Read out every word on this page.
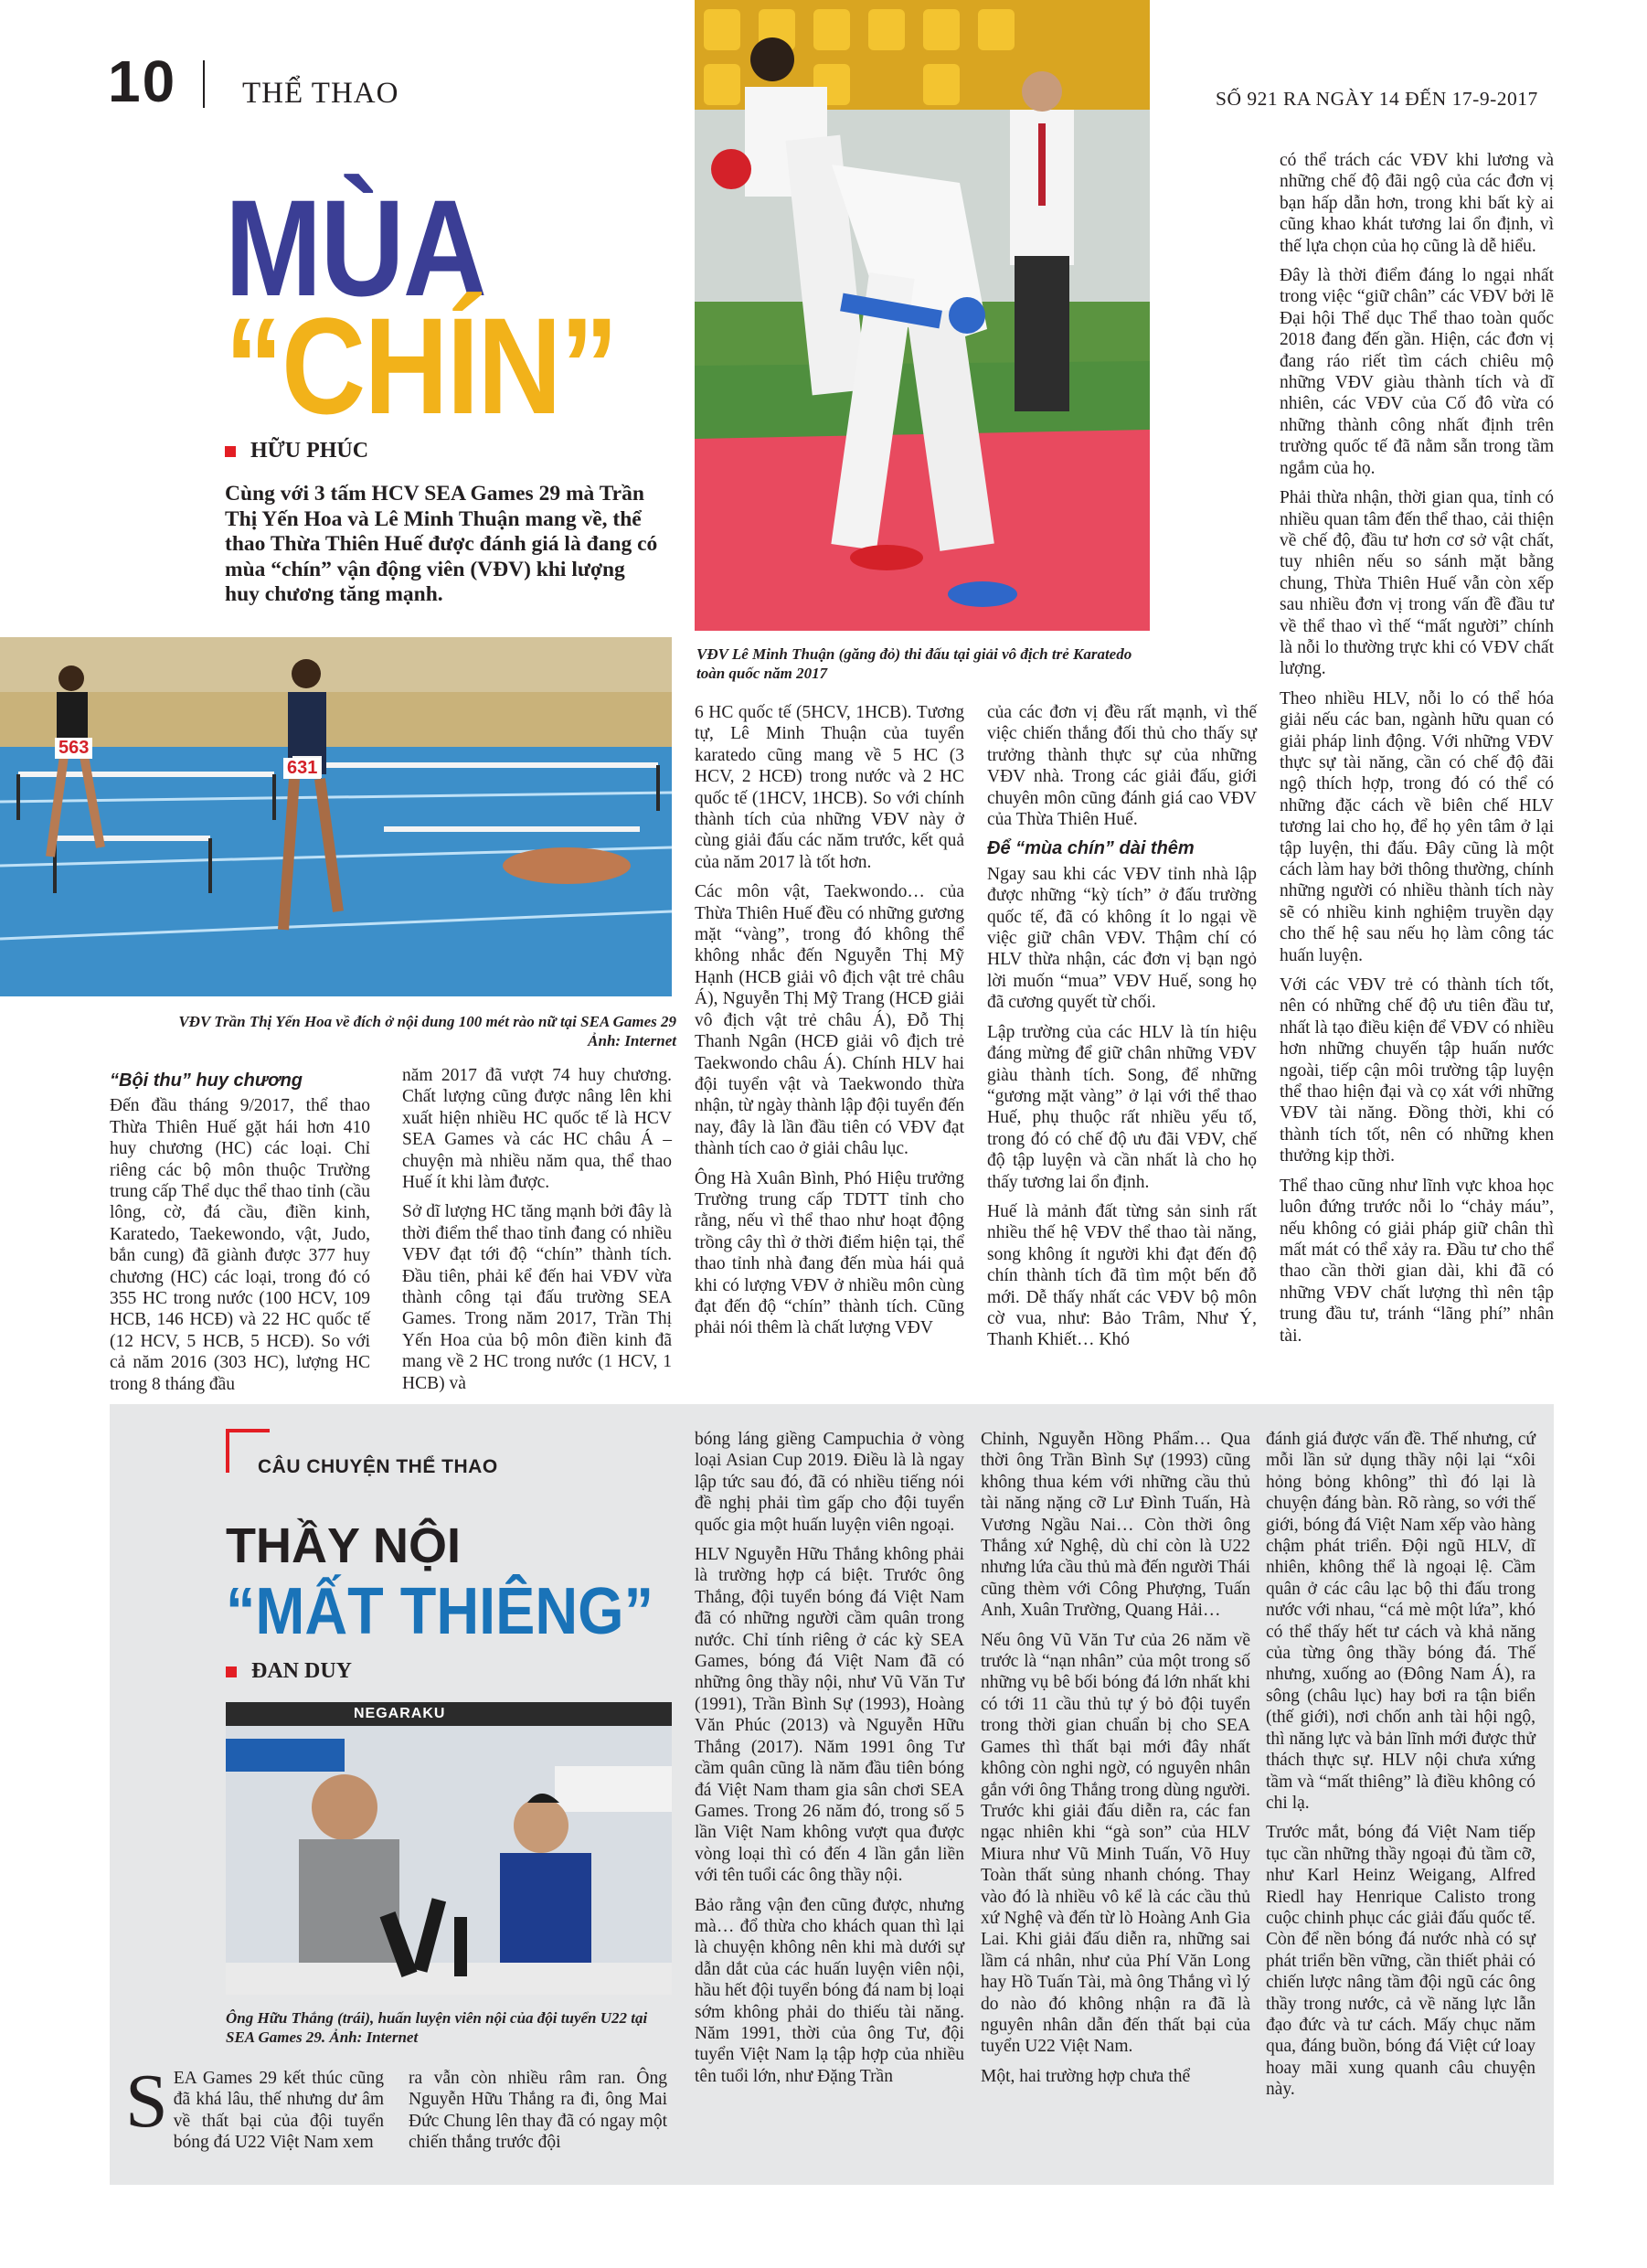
10 THỂ THAO	SỐ 921 RA NGÀY 14 ĐẾN 17-9-2017
MÙA
“CHÍN”
HỮU PHÚC
Cùng với 3 tấm HCV SEA Games 29 mà Trần Thị Yến Hoa và Lê Minh Thuận mang về, thể thao Thừa Thiên Huế được đánh giá là đang có mùa “chín” vận động viên (VĐV) khi lượng huy chương tăng mạnh.
VĐV Lê Minh Thuận (găng đỏ) thi đấu tại giải vô địch trẻ Karatedo toàn quốc năm 2017
563
631
VĐV Trần Thị Yến Hoa về đích ở nội dung 100 mét rào nữ tại SEA Games 29
Ảnh: Internet
“Bội thu” huy chương

Đến đầu tháng 9/2017, thể thao Thừa Thiên Huế gặt hái hơn 410 huy chương (HC) các loại. Chỉ riêng các bộ môn thuộc Trường trung cấp Thể dục thể thao tỉnh (cầu lông, cờ, đá cầu, điền kinh, Karatedo, Taekewondo, vật, Judo, bắn cung) đã giành được 377 huy chương (HC) các loại, trong đó có 355 HC trong nước (100 HCV, 109 HCB, 146 HCĐ) và 22 HC quốc tế (12 HCV, 5 HCB, 5 HCĐ). So với cả năm 2016 (303 HC), lượng HC trong 8 tháng đầu

năm 2017 đã vượt 74 huy chương. Chất lượng cũng được nâng lên khi xuất hiện nhiều HC quốc tế là HCV SEA Games và các HC châu Á – chuyện mà nhiều năm qua, thể thao Huế ít khi làm được.

Sở dĩ lượng HC tăng mạnh bởi đây là thời điểm thể thao tỉnh đang có nhiều VĐV đạt tới độ “chín” thành tích. Đầu tiên, phải kể đến hai VĐV vừa thành công tại đấu trường SEA Games. Trong năm 2017, Trần Thị Yến Hoa của bộ môn điền kinh đã mang về 2 HC trong nước (1 HCV, 1 HCB) và

6 HC quốc tế (5HCV, 1HCB). Tương tự, Lê Minh Thuận của tuyển karatedo cũng mang về 5 HC (3 HCV, 2 HCĐ) trong nước và 2 HC quốc tế (1HCV, 1HCB). So với chính thành tích của những VĐV này ở cùng giải đấu các năm trước, kết quả của năm 2017 là tốt hơn.

Các môn vật, Taekwondo… của Thừa Thiên Huế đều có những gương mặt “vàng”, trong đó không thể không nhắc đến Nguyễn Thị Mỹ Hạnh (HCB giải vô địch vật trẻ châu Á), Nguyễn Thị Mỹ Trang (HCĐ giải vô địch vật trẻ châu Á), Đỗ Thị Thanh Ngân (HCĐ giải vô địch trẻ Taekwondo châu Á). Chính HLV hai đội tuyển vật và Taekwondo thừa nhận, từ ngày thành lập đội tuyển đến nay, đây là lần đầu tiên có VĐV đạt thành tích cao ở giải châu lục.

Ông Hà Xuân Bình, Phó Hiệu trưởng Trường trung cấp TDTT tỉnh cho rằng, nếu vì thể thao như hoạt động trồng cây thì ở thời điểm hiện tại, thể thao tỉnh nhà đang đến mùa hái quả khi có lượng VĐV ở nhiều môn cùng đạt đến độ “chín” thành tích. Cũng phải nói thêm là chất lượng VĐV

của các đơn vị đều rất mạnh, vì thế việc chiến thắng đối thủ cho thấy sự trưởng thành thực sự của những VĐV nhà. Trong các giải đấu, giới chuyên môn cũng đánh giá cao VĐV của Thừa Thiên Huế.

Để “mùa chín” dài thêm

Ngay sau khi các VĐV tỉnh nhà lập được những “kỳ tích” ở đấu trường quốc tế, đã có không ít lo ngại về việc giữ chân VĐV. Thậm chí có HLV thừa nhận, các đơn vị bạn ngỏ lời muốn “mua” VĐV Huế, song họ đã cương quyết từ chối.

Lập trường của các HLV là tín hiệu đáng mừng để giữ chân những VĐV giàu thành tích. Song, để những “gương mặt vàng” ở lại với thể thao Huế, phụ thuộc rất nhiều yếu tố, trong đó có chế độ ưu đãi VĐV, chế độ tập luyện và cần nhất là cho họ thấy tương lai ổn định.

Huế là mảnh đất từng sản sinh rất nhiều thế hệ VĐV thể thao tài năng, song không ít người khi đạt đến độ chín thành tích đã tìm một bến đỗ mới. Dễ thấy nhất các VĐV bộ môn cờ vua, như: Bảo Trâm, Như Ý, Thanh Khiết… Khó

có thể trách các VĐV khi lương và những chế độ đãi ngộ của các đơn vị bạn hấp dẫn hơn, trong khi bất kỳ ai cũng khao khát tương lai ổn định, vì thế lựa chọn của họ cũng là dễ hiểu.

Đây là thời điểm đáng lo ngại nhất trong việc “giữ chân” các VĐV bởi lẽ Đại hội Thể dục Thể thao toàn quốc 2018 đang đến gần. Hiện, các đơn vị đang ráo riết tìm cách chiêu mộ những VĐV giàu thành tích và dĩ nhiên, các VĐV của Cố đô vừa có những thành công nhất định trên trường quốc tế đã nằm sẵn trong tầm ngắm của họ.

Phải thừa nhận, thời gian qua, tỉnh có nhiều quan tâm đến thể thao, cải thiện về chế độ, đầu tư hơn cơ sở vật chất, tuy nhiên nếu so sánh mặt bằng chung, Thừa Thiên Huế vẫn còn xếp sau nhiều đơn vị trong vấn đề đầu tư về thể thao vì thế “mất người” chính là nỗi lo thường trực khi có VĐV chất lượng.

Theo nhiều HLV, nỗi lo có thể hóa giải nếu các ban, ngành hữu quan có giải pháp linh động. Với những VĐV thực sự tài năng, cần có chế độ đãi ngộ thích hợp, trong đó có thể có những đặc cách về biên chế HLV tương lai cho họ, để họ yên tâm ở lại tập luyện, thi đấu. Đây cũng là một cách làm hay bởi thông thường, chính những người có nhiều thành tích này sẽ có nhiều kinh nghiệm truyền dạy cho thế hệ sau nếu họ làm công tác huấn luyện.

Với các VĐV trẻ có thành tích tốt, nên có những chế độ ưu tiên đầu tư, nhất là tạo điều kiện để VĐV có nhiều hơn những chuyến tập huấn nước ngoài, tiếp cận môi trường tập luyện thể thao hiện đại và cọ xát với những VĐV tài năng. Đồng thời, khi có thành tích tốt, nên có những khen thưởng kịp thời.

Thể thao cũng như lĩnh vực khoa học luôn đứng trước nỗi lo “chảy máu”, nếu không có giải pháp giữ chân thì mất mát có thể xảy ra. Đầu tư cho thể thao cần thời gian dài, khi đã có những VĐV chất lượng thì nên tập trung đầu tư, tránh “lãng phí” nhân tài.

CÂU CHUYỆN THỂ THAO
THẦY NỘI
“MẤT THIÊNG”
ĐAN DUY
NEGARAKU
Ông Hữu Thắng (trái), huấn luyện viên nội của đội tuyển U22 tại SEA Games 29. Ảnh: Internet

SEA Games 29 kết thúc cũng đã khá lâu, thế nhưng dư âm về thất bại của đội tuyển bóng đá U22 Việt Nam xem

ra vẫn còn nhiều râm ran. Ông Nguyễn Hữu Thắng ra đi, ông Mai Đức Chung lên thay đã có ngay một chiến thắng trước đội

bóng láng giềng Campuchia ở vòng loại Asian Cup 2019. Điều là là ngay lập tức sau đó, đã có nhiều tiếng nói đề nghị phải tìm gấp cho đội tuyển quốc gia một huấn luyện viên ngoại.

HLV Nguyễn Hữu Thắng không phải là trường hợp cá biệt. Trước ông Thắng, đội tuyển bóng đá Việt Nam đã có những người cầm quân trong nước. Chỉ tính riêng ở các kỳ SEA Games, bóng đá Việt Nam đã có những ông thầy nội, như Vũ Văn Tư (1991), Trần Bình Sự (1993), Hoàng Văn Phúc (2013) và Nguyễn Hữu Thắng (2017). Năm 1991 ông Tư cầm quân cũng là năm đầu tiên bóng đá Việt Nam tham gia sân chơi SEA Games. Trong 26 năm đó, trong số 5 lần Việt Nam không vượt qua được vòng loại thì có đến 4 lần gắn liền với tên tuổi các ông thầy nội.

Bảo rằng vận đen cũng được, nhưng mà… đổ thừa cho khách quan thì lại là chuyện không nên khi mà dưới sự dẫn dắt của các huấn luyện viên nội, hầu hết đội tuyển bóng đá nam bị loại sớm không phải do thiếu tài năng. Năm 1991, thời của ông Tư, đội tuyển Việt Nam lạ tập hợp của nhiều tên tuổi lớn, như Đặng Trần

Chỉnh, Nguyễn Hồng Phẩm… Qua thời ông Trần Bình Sự (1993) cũng không thua kém với những cầu thủ tài năng nặng cỡ Lư Đình Tuấn, Hà Vương Ngầu Nai… Còn thời ông Thắng xứ Nghệ, dù chỉ còn là U22 nhưng lứa cầu thủ mà đến người Thái cũng thèm với Công Phượng, Tuấn Anh, Xuân Trường, Quang Hải…

Nếu ông Vũ Văn Tư của 26 năm về trước là “nạn nhân” của một trong số những vụ bê bối bóng đá lớn nhất khi có tới 11 cầu thủ tự ý bỏ đội tuyển trong thời gian chuẩn bị cho SEA Games thì thất bại mới đây nhất không còn nghi ngờ, có nguyên nhân gắn với ông Thắng trong dùng người. Trước khi giải đấu diễn ra, các fan ngạc nhiên khi “gà son” của HLV Miura như Vũ Minh Tuấn, Võ Huy Toàn thất sủng nhanh chóng. Thay vào đó là nhiều vô kể là các cầu thủ xứ Nghệ và đến từ lò Hoàng Anh Gia Lai. Khi giải đấu diễn ra, những sai lầm cá nhân, như của Phí Văn Long hay Hồ Tuấn Tài, mà ông Thắng vì lý do nào đó không nhận ra đã là nguyên nhân dẫn đến thất bại của tuyển U22 Việt Nam.

Một, hai trường hợp chưa thể

đánh giá được vấn đề. Thế nhưng, cứ mỗi lần sử dụng thầy nội lại “xôi hỏng bỏng không” thì đó lại là chuyện đáng bàn. Rõ ràng, so với thế giới, bóng đá Việt Nam xếp vào hàng chậm phát triển. Đội ngũ HLV, dĩ nhiên, không thể là ngoại lệ. Cầm quân ở các câu lạc bộ thi đấu trong nước với nhau, “cá mè một lứa”, khó có thể thấy hết tư cách và khả năng của từng ông thầy bóng đá. Thế nhưng, xuống ao (Đông Nam Á), ra sông (châu lục) hay bơi ra tận biển (thế giới), nơi chốn anh tài hội ngộ, thì năng lực và bản lĩnh mới được thử thách thực sự. HLV nội chưa xứng tầm và “mất thiêng” là điều không có chi lạ.

Trước mắt, bóng đá Việt Nam tiếp tục cần những thầy ngoại đủ tầm cỡ, như Karl Heinz Weigang, Alfred Riedl hay Henrique Calisto trong cuộc chinh phục các giải đấu quốc tế. Còn để nền bóng đá nước nhà có sự phát triển bền vững, cần thiết phải có chiến lược nâng tầm đội ngũ các ông thầy trong nước, cả về năng lực lẫn đạo đức và tư cách. Mấy chục năm qua, đáng buồn, bóng đá Việt cứ loay hoay mãi xung quanh câu chuyện này.
